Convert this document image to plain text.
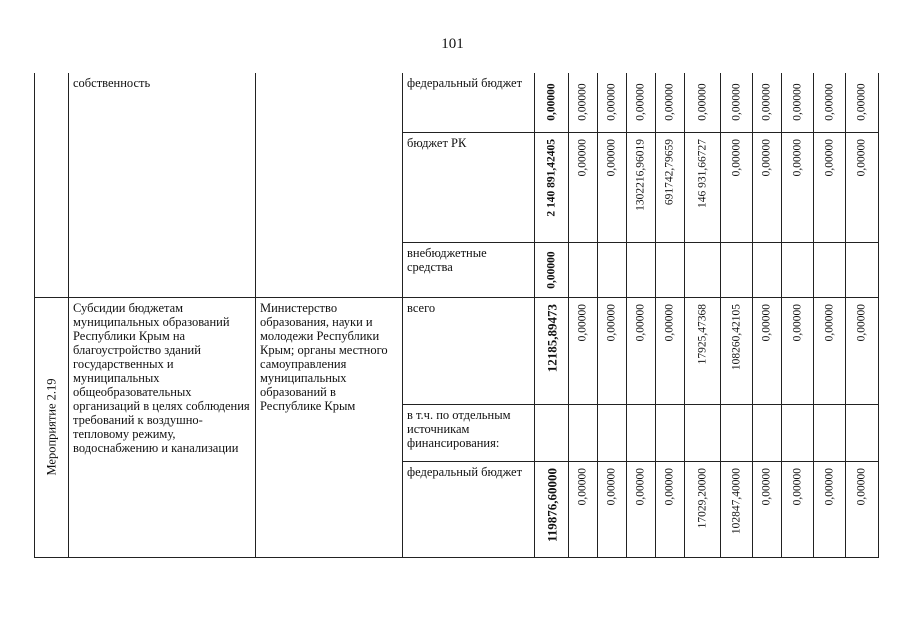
101
	собственность		федеральный бюджет	0,00000	0,00000	0,00000	0,00000	0,00000	0,00000	0,00000	0,00000	0,00000	0,00000	0,00000

			бюджет РК	2 140 891,42405	0,00000	0,00000	1302216,96019	691742,79659	146 931,66727	0,00000	0,00000	0,00000	0,00000	0,00000

			внебюджетные средства	0,00000										

Мероприятие 2.19	Субсидии бюджетам муниципальных образований Республики Крым на благоустройство зданий государственных и муниципальных общеобразовательных организаций в целях соблюдения требований к воздушно-тепловому режиму, водоснабжению и канализации	Министерство образования, науки и молодежи Республики Крым; органы местного самоуправления муниципальных образований в Республике Крым	всего	12185,89473	0,00000	0,00000	0,00000	0,00000	17925,47368	108260,42105	0,00000	0,00000	0,00000	0,00000

			в т.ч. по отдельным источникам финансирования:											
			федеральный бюджет	119876,60000	0,00000	0,00000	0,00000	0,00000	17029,20000	102847,40000	0,00000	0,00000	0,00000	0,00000
